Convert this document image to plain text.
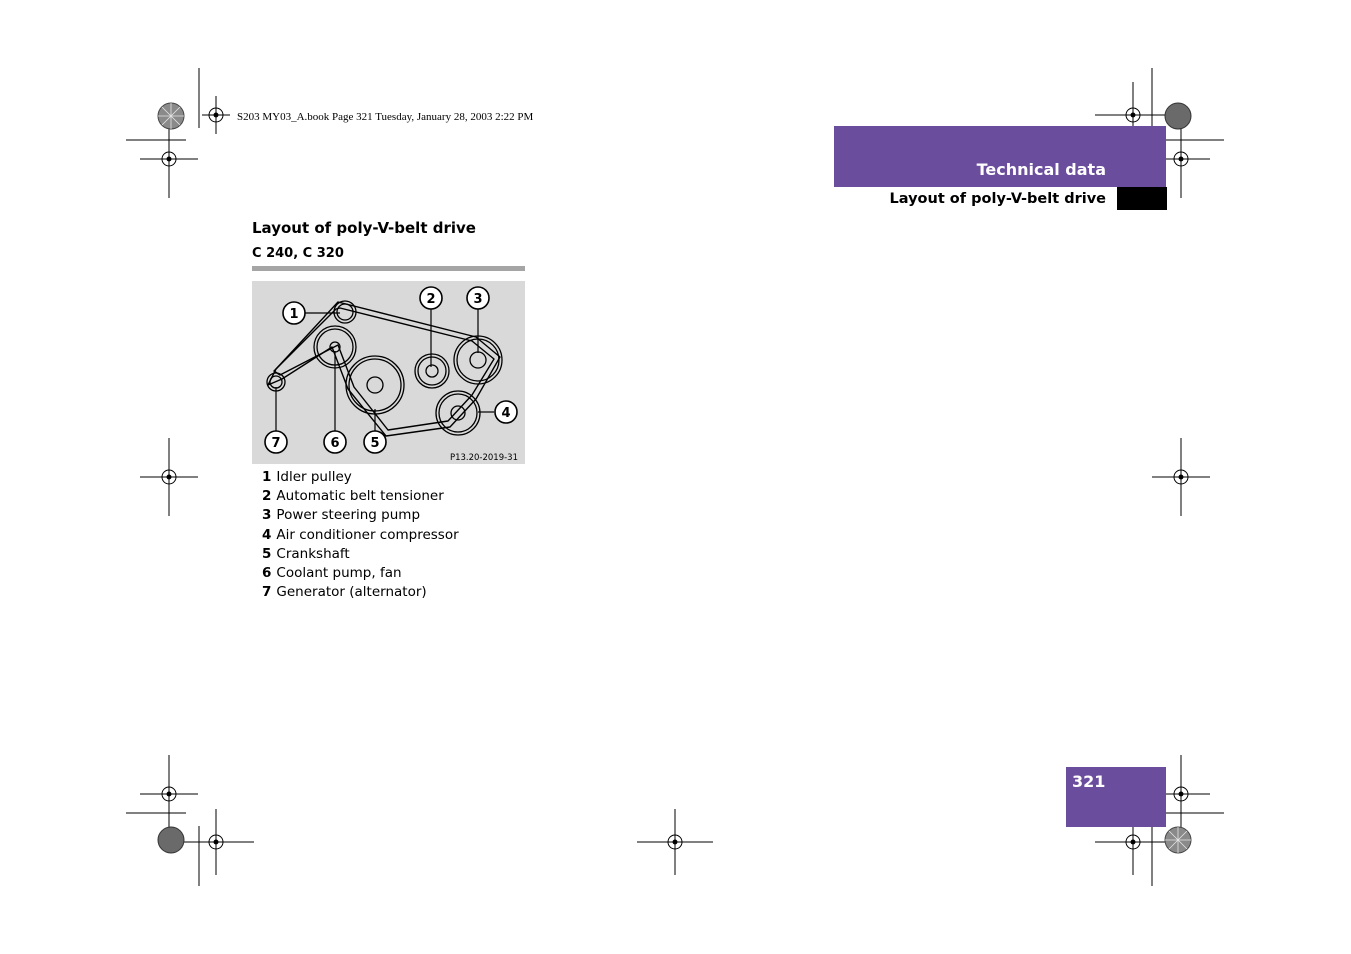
S203 MY03_A.book Page 321 Tuesday, January 28, 2003 2:22 PM
Technical data
Layout of poly-V-belt drive
Layout of poly-V-belt drive
C 240, C 320
1
2	3
4
5
6
7
P13.20-2019-31
1 Idler pulley
2 Automatic belt tensioner
3 Power steering pump
4 Air conditioner compressor
5 Crankshaft
6 Coolant pump, fan
7 Generator (alternator)
321
